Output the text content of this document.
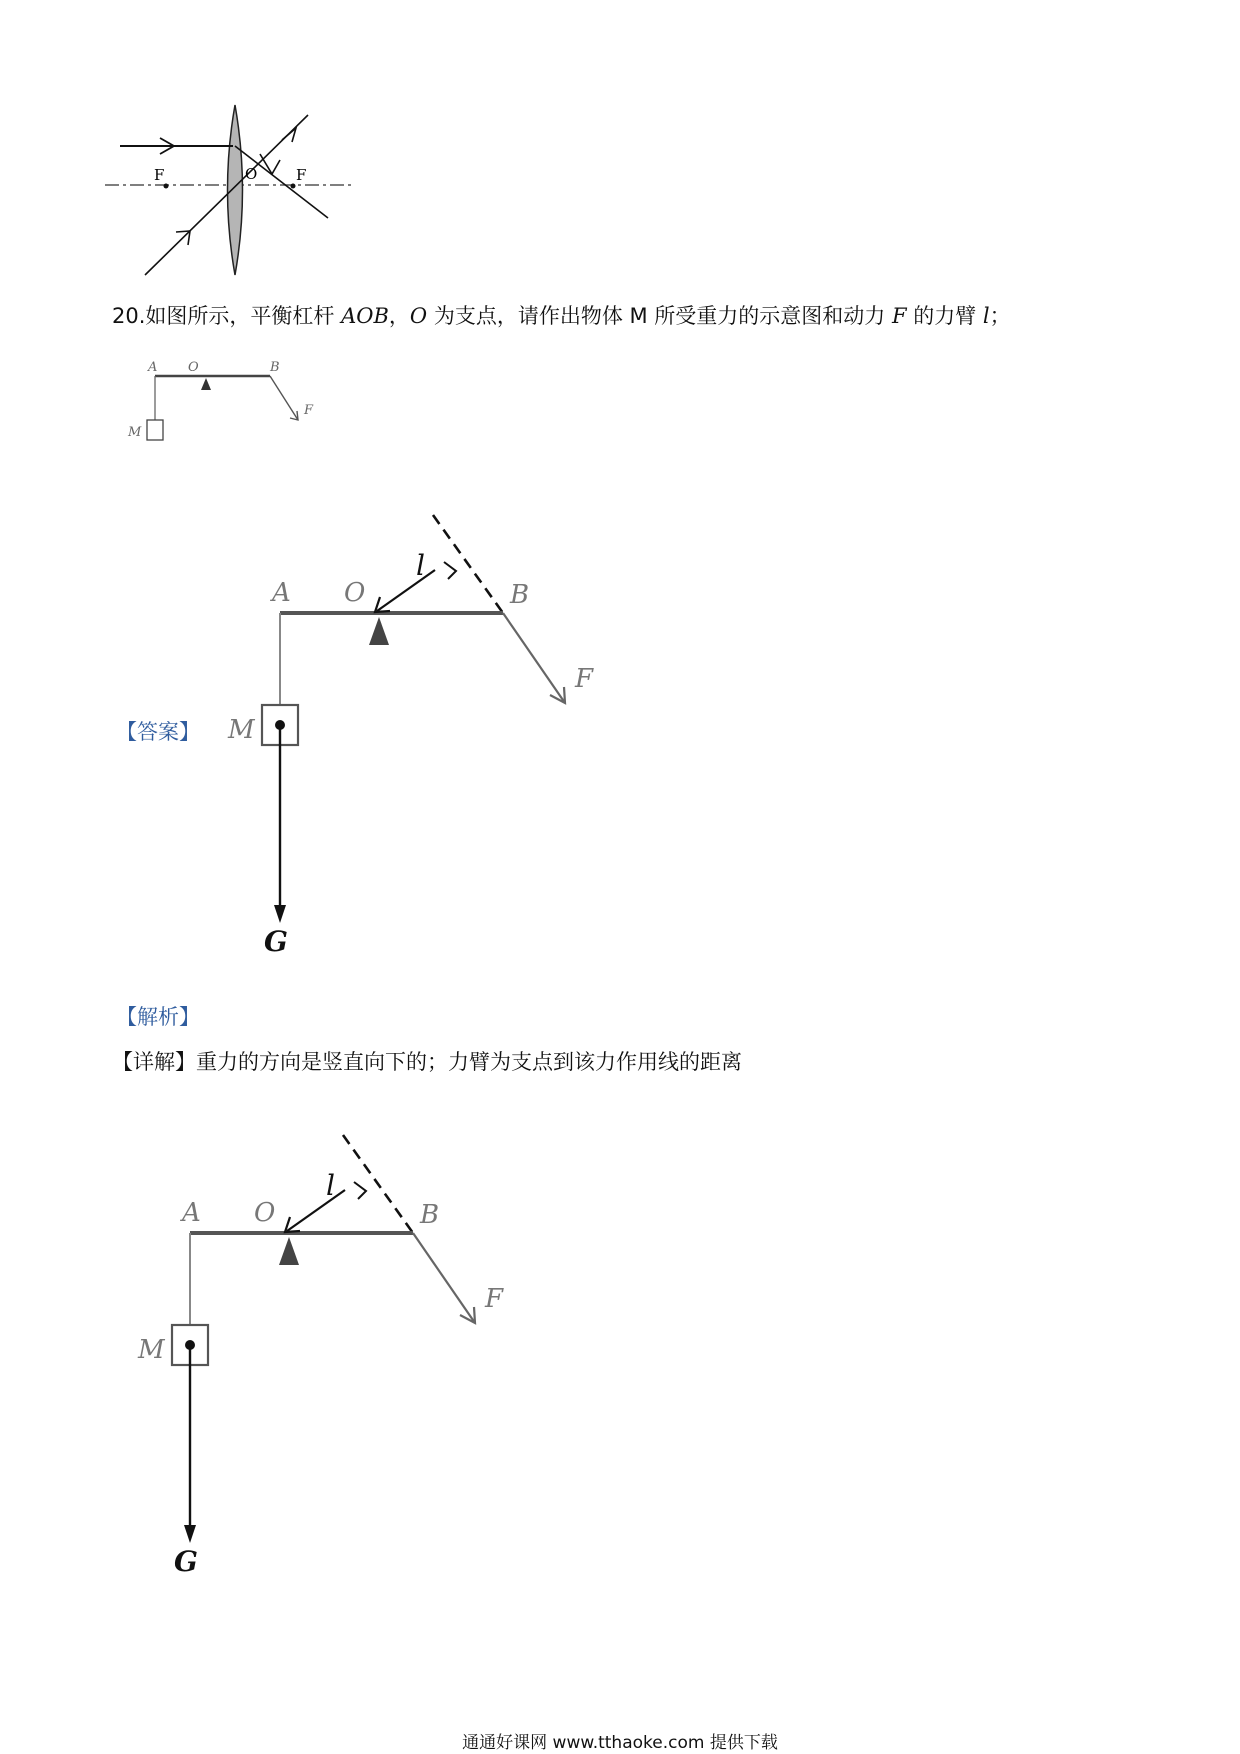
F	O	F
20.如图所示，平衡杠杆 AOB，O 为支点，请作出物体 M 所受重力的示意图和动力 F 的力臂 l；
A O	B
F
M
【答案】
A O	B
F
M
l
G
【解析】
【详解】重力的方向是竖直向下的；力臂为支点到该力作用线的距离
A O	B
F
M
l
G
通通好课网 www.tthaoke.com 提供下载
